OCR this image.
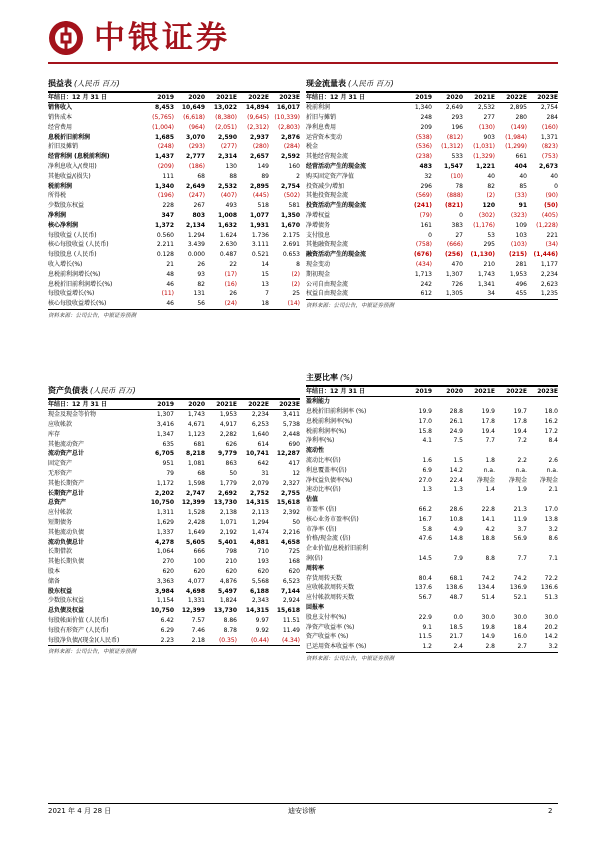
中银证券
损益表 (人民币 百万)
年结日：12 月 31 日	2019	2020	2021E	2022E	2023E
销售收入	8,453	10,649	13,022	14,894	16,017
销售成本	(5,765)	(6,618)	(8,380)	(9,645)	(10,339)
经营费用	(1,004)	(964)	(2,051)	(2,312)	(2,803)
息税折旧前利润	1,685	3,070	2,590	2,937	2,876
折旧及摊销	(248)	(293)	(277)	(280)	(284)
经营利润 (息税前利润)	1,437	2,777	2,314	2,657	2,592
净利息收入/(费用)	(209)	(186)	130	149	160
其他收益/(损失)	111	68	88	89	2
税前利润	1,340	2,649	2,532	2,895	2,754
所得税	(196)	(247)	(407)	(445)	(502)
少数股东权益	228	267	493	518	581
净利润	347	803	1,008	1,077	1,350
核心净利润	1,372	2,134	1,632	1,931	1,670
每股收益 (人民币)	0.560	1.294	1.624	1.736	2.175
核心每股收益 (人民币)	2.211	3.439	2.630	3.111	2.691
每股股息 (人民币)	0.128	0.000	0.487	0.521	0.653
收入增长(%)	21	26	22	14	8
息税前利润增长(%)	48	93	(17)	15	(2)
息税折旧前利润增长(%)	46	82	(16)	13	(2)
每股收益增长(%)	(11)	131	26	7	25
核心每股收益增长(%)	46	56	(24)	18	(14)
资料来源：公司公告，中银证券预测
资产负债表 (人民币 百万)
年结日：12 月 31 日	2019	2020	2021E	2022E	2023E
现金及现金等价物	1,307	1,743	1,953	2,234	3,411
应收帐款	3,416	4,671	4,917	6,253	5,738
库存	1,347	1,123	2,282	1,640	2,448
其他流动资产	635	681	626	614	690
流动资产总计	6,705	8,218	9,779	10,741	12,287
固定资产	951	1,081	863	642	417
无形资产	79	68	50	31	12
其他长期资产	1,172	1,598	1,779	2,079	2,327
长期资产总计	2,202	2,747	2,692	2,752	2,755
总资产	10,750	12,399	13,730	14,315	15,618
应付帐款	1,311	1,528	2,138	2,113	2,392
短期债务	1,629	2,428	1,071	1,294	50
其他流动负债	1,337	1,649	2,192	1,474	2,216
流动负债总计	4,278	5,605	5,401	4,881	4,658
长期借款	1,064	666	798	710	725
其他长期负债	270	100	210	193	168
股本	620	620	620	620	620
储备	3,363	4,077	4,876	5,568	6,523
股东权益	3,984	4,698	5,497	6,188	7,144
少数股东权益	1,154	1,331	1,824	2,343	2,924
总负债及权益	10,750	12,399	13,730	14,315	15,618
每股帐面价值 (人民币)	6.42	7.57	8.86	9.97	11.51
每股有形资产 (人民币)	6.29	7.46	8.78	9.92	11.49
每股净负债/(现金)(人民币)	2.23	2.18	(0.35)	(0.44)	(4.34)
资料来源：公司公告，中银证券预测
现金流量表 (人民币 百万)
年结日：12 月 31 日	2019	2020	2021E	2022E	2023E
税前利润	1,340	2,649	2,532	2,895	2,754
折旧与摊销	248	293	277	280	284
净利息费用	209	196	(130)	(149)	(160)
运营资本变动	(538)	(812)	903	(1,984)	1,371
税金	(536)	(1,312)	(1,031)	(1,299)	(823)
其他经营现金流	(238)	533	(1,329)	661	(753)
经营活动产生的现金流	483	1,547	1,221	404	2,673
购买固定资产净值	32	(10)	40	40	40
投资减少/增加	296	78	82	85	0
其他投资现金流	(569)	(888)	(2)	(33)	(90)
投资活动产生的现金流	(241)	(821)	120	91	(50)
净增权益	(79)	0	(302)	(323)	(405)
净增债务	161	383	(1,176)	109	(1,228)
支付股息	0	27	53	103	221
其他融资现金流	(758)	(666)	295	(103)	(34)
融资活动产生的现金流	(676)	(256)	(1,130)	(215)	(1,446)
现金变动	(434)	470	210	281	1,177
期初现金	1,713	1,307	1,743	1,953	2,234
公司自由现金流	242	726	1,341	496	2,623
权益自由现金流	612	1,305	34	455	1,235
资料来源：公司公告，中银证券预测
主要比率 (%)
年结日：12 月 31 日	2019	2020	2021E	2022E	2023E
盈利能力					
息税折旧前利润率 (%)	19.9	28.8	19.9	19.7	18.0
息税前利润率(%)	17.0	26.1	17.8	17.8	16.2
税前利润率(%)	15.8	24.9	19.4	19.4	17.2
净利率(%)	4.1	7.5	7.7	7.2	8.4
流动性					
流动比率(倍)	1.6	1.5	1.8	2.2	2.6
利息覆盖率(倍)	6.9	14.2	n.a.	n.a.	n.a.
净权益负债率(%)	27.0	22.4	净现金	净现金	净现金
速动比率(倍)	1.3	1.3	1.4	1.9	2.1
估值					
市盈率 (倍)	66.2	28.6	22.8	21.3	17.0
核心业务市盈率(倍)	16.7	10.8	14.1	11.9	13.8
市净率 (倍)	5.8	4.9	4.2	3.7	3.2
价格/现金流 (倍)	47.6	14.8	18.8	56.9	8.6
企业价值/息税折旧前利					
润(倍)	14.5	7.9	8.8	7.7	7.1
周转率					
存货周转天数	80.4	68.1	74.2	74.2	72.2
应收帐款周转天数	137.6	138.6	134.4	136.9	136.6
应付帐款周转天数	56.7	48.7	51.4	52.1	51.3
回报率					
股息支付率(%)	22.9	0.0	30.0	30.0	30.0
净资产收益率 (%)	9.1	18.5	19.8	18.4	20.2
资产收益率 (%)	11.5	21.7	14.9	16.0	14.2
已运用资本收益率 (%)	1.2	2.4	2.8	2.7	3.2
资料来源：公司公告，中银证券预测
2021 年 4 月 28 日	迪安诊断	2
